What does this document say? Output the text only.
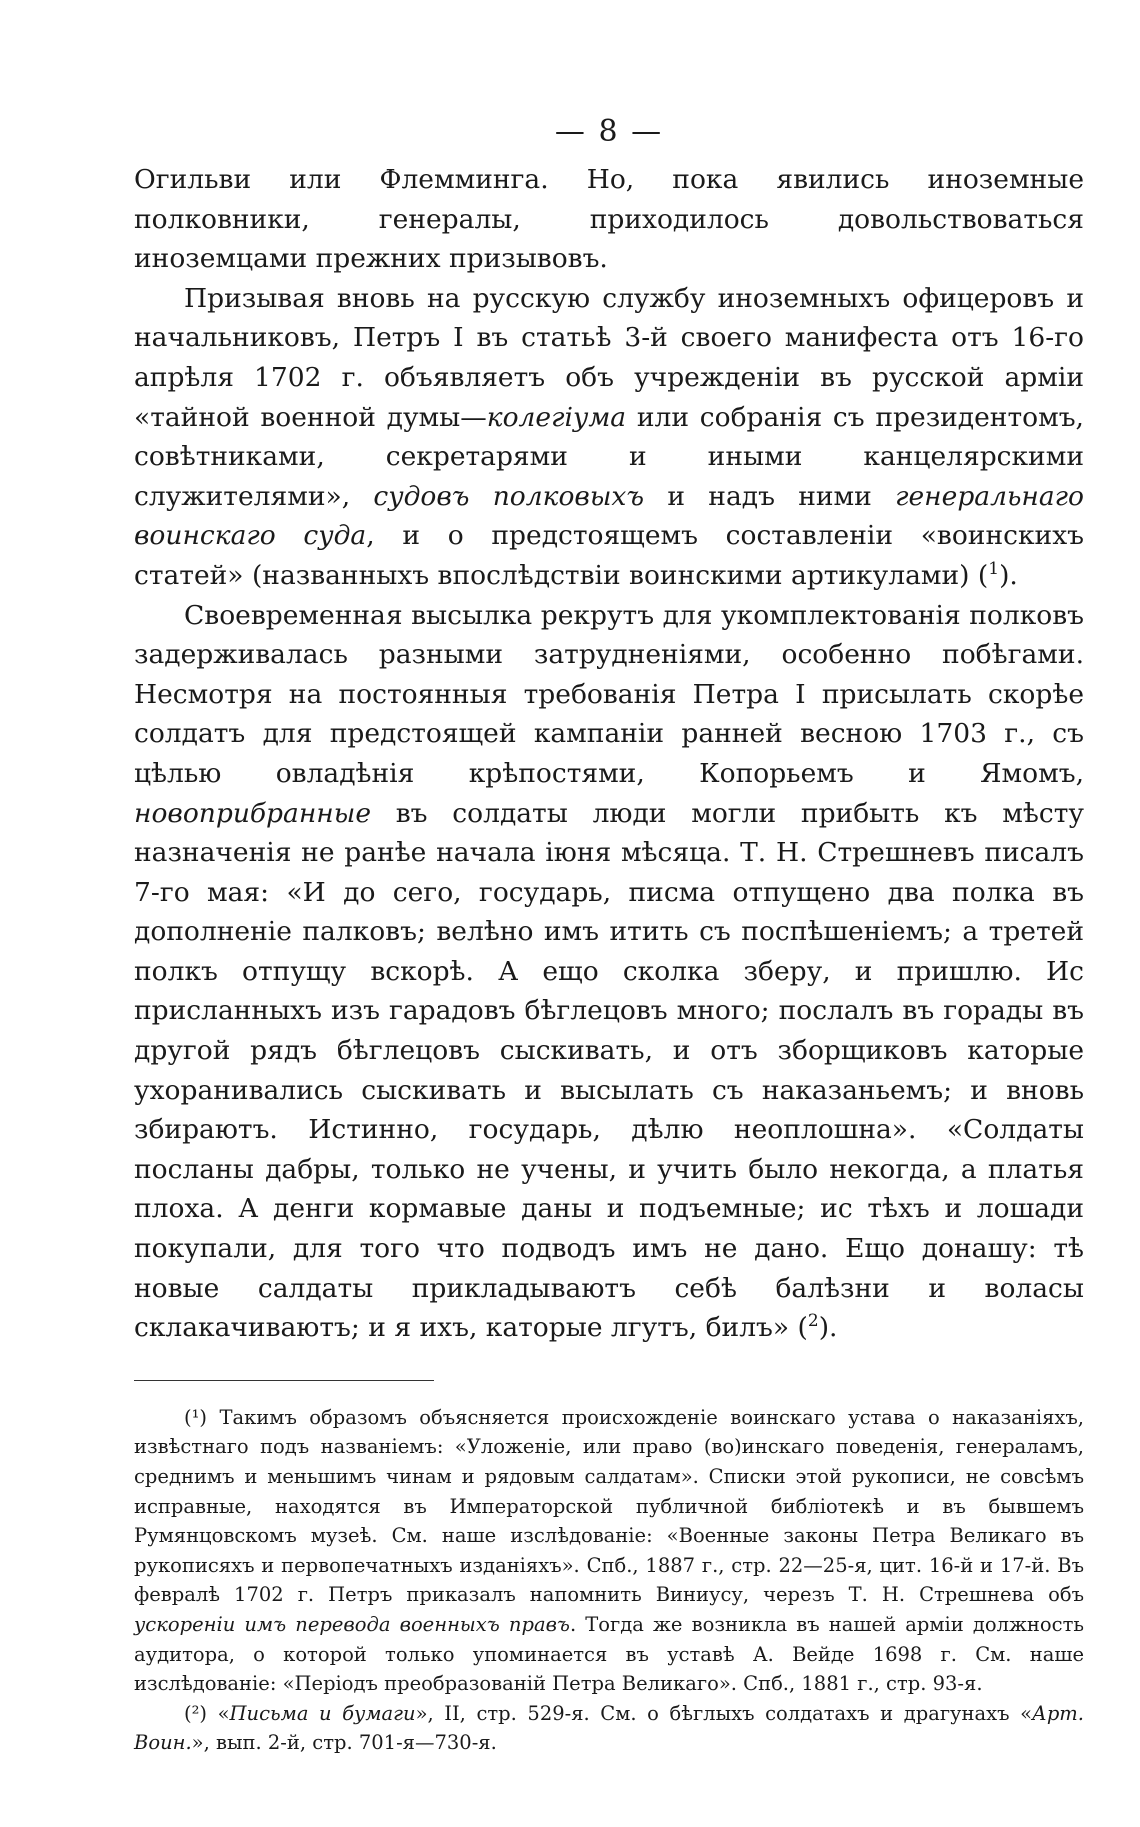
— 8 —

Огильви или Флемминга. Но, пока явились иноземные полковники, генералы, приходилось довольствоваться иноземцами прежних призывовъ.

Призывая вновь на русскую службу иноземныхъ офицеровъ и начальниковъ, Петръ I въ статьѣ 3-й своего манифеста отъ 16-го апрѣля 1702 г. объявляетъ объ учрежденіи въ русской арміи «тайной военной думы—колегіума или собранія съ президентомъ, совѣтниками, секретарями и иными канцелярскими служителями», судовъ полковыхъ и надъ ними генеральнаго воинскаго суда, и о предстоящемъ составленіи «воинскихъ статей» (названныхъ впослѣдствіи воинскими артикулами) ($^1$).

Своевременная высылка рекрутъ для укомплектованія полковъ задерживалась разными затрудненіями, особенно побѣгами. Несмотря на постоянныя требованія Петра I присылать скорѣе солдатъ для предстоящей кампаніи ранней весною 1703 г., съ цѣлью овладѣнія крѣпостями, Копорьемъ и Ямомъ, новоприбранные въ солдаты люди могли прибыть къ мѣсту назначенія не ранѣе начала іюня мѣсяца. Т. Н. Стрешневъ писалъ 7-го мая: «И до сего, государь, писма отпущено два полка въ дополненіе палковъ; велѣно имъ итить съ поспѣшеніемъ; а третей полкъ отпущу вскорѣ. А ещо сколка зберу, и пришлю. Ис присланныхъ изъ гарадовъ бѣглецовъ много; послалъ въ горады въ другой рядъ бѣглецовъ сыскивать, и отъ зборщиковъ каторые ухоранивались сыскивать и высылать съ наказаньемъ; и вновь збираютъ. Истинно, государь, дѣлю неоплошна». «Солдаты посланы дабры, только не учены, и учить было некогда, а платья плоха. А денги кормавые даны и подъемные; ис тѣхъ и лошади покупали, для того что подводъ имъ не дано. Ещо донашу: тѣ новые салдаты прикладываютъ себѣ балѣзни и воласы склакачиваютъ; и я ихъ, каторые лгутъ, билъ» ($^2$).

(¹) Такимъ образомъ объясняется происхожденіе воинскаго устава о наказаніяхъ, извѣстнаго подъ названіемъ: «Уложеніе, или право (во)инскаго поведенія, генераламъ, среднимъ и меньшимъ чинам и рядовым салдатам». Списки этой рукописи, не совсѣмъ исправные, находятся въ Императорской публичной библіотекѣ и въ бывшемъ Румянцовскомъ музеѣ. См. наше изслѣдованіе: «Военные законы Петра Великаго въ рукописяхъ и первопечатныхъ изданіяхъ». Спб., 1887 г., стр. 22—25-я, цит. 16-й и 17-й. Въ февралѣ 1702 г. Петръ приказалъ напомнить Виниусу, черезъ Т. Н. Стрешнева объ ускореніи имъ перевода военныхъ правъ. Тогда же возникла въ нашей арміи должность аудитора, о которой только упоминается въ уставѣ А. Вейде 1698 г. См. наше изслѣдованіе: «Періодъ преобразованій Петра Великаго». Спб., 1881 г., стр. 93-я.

(²) «Письма и бумаги», II, стр. 529-я. См. о бѣглыхъ солдатахъ и драгунахъ «Арт. Воин.», вып. 2-й, стр. 701-я—730-я.
